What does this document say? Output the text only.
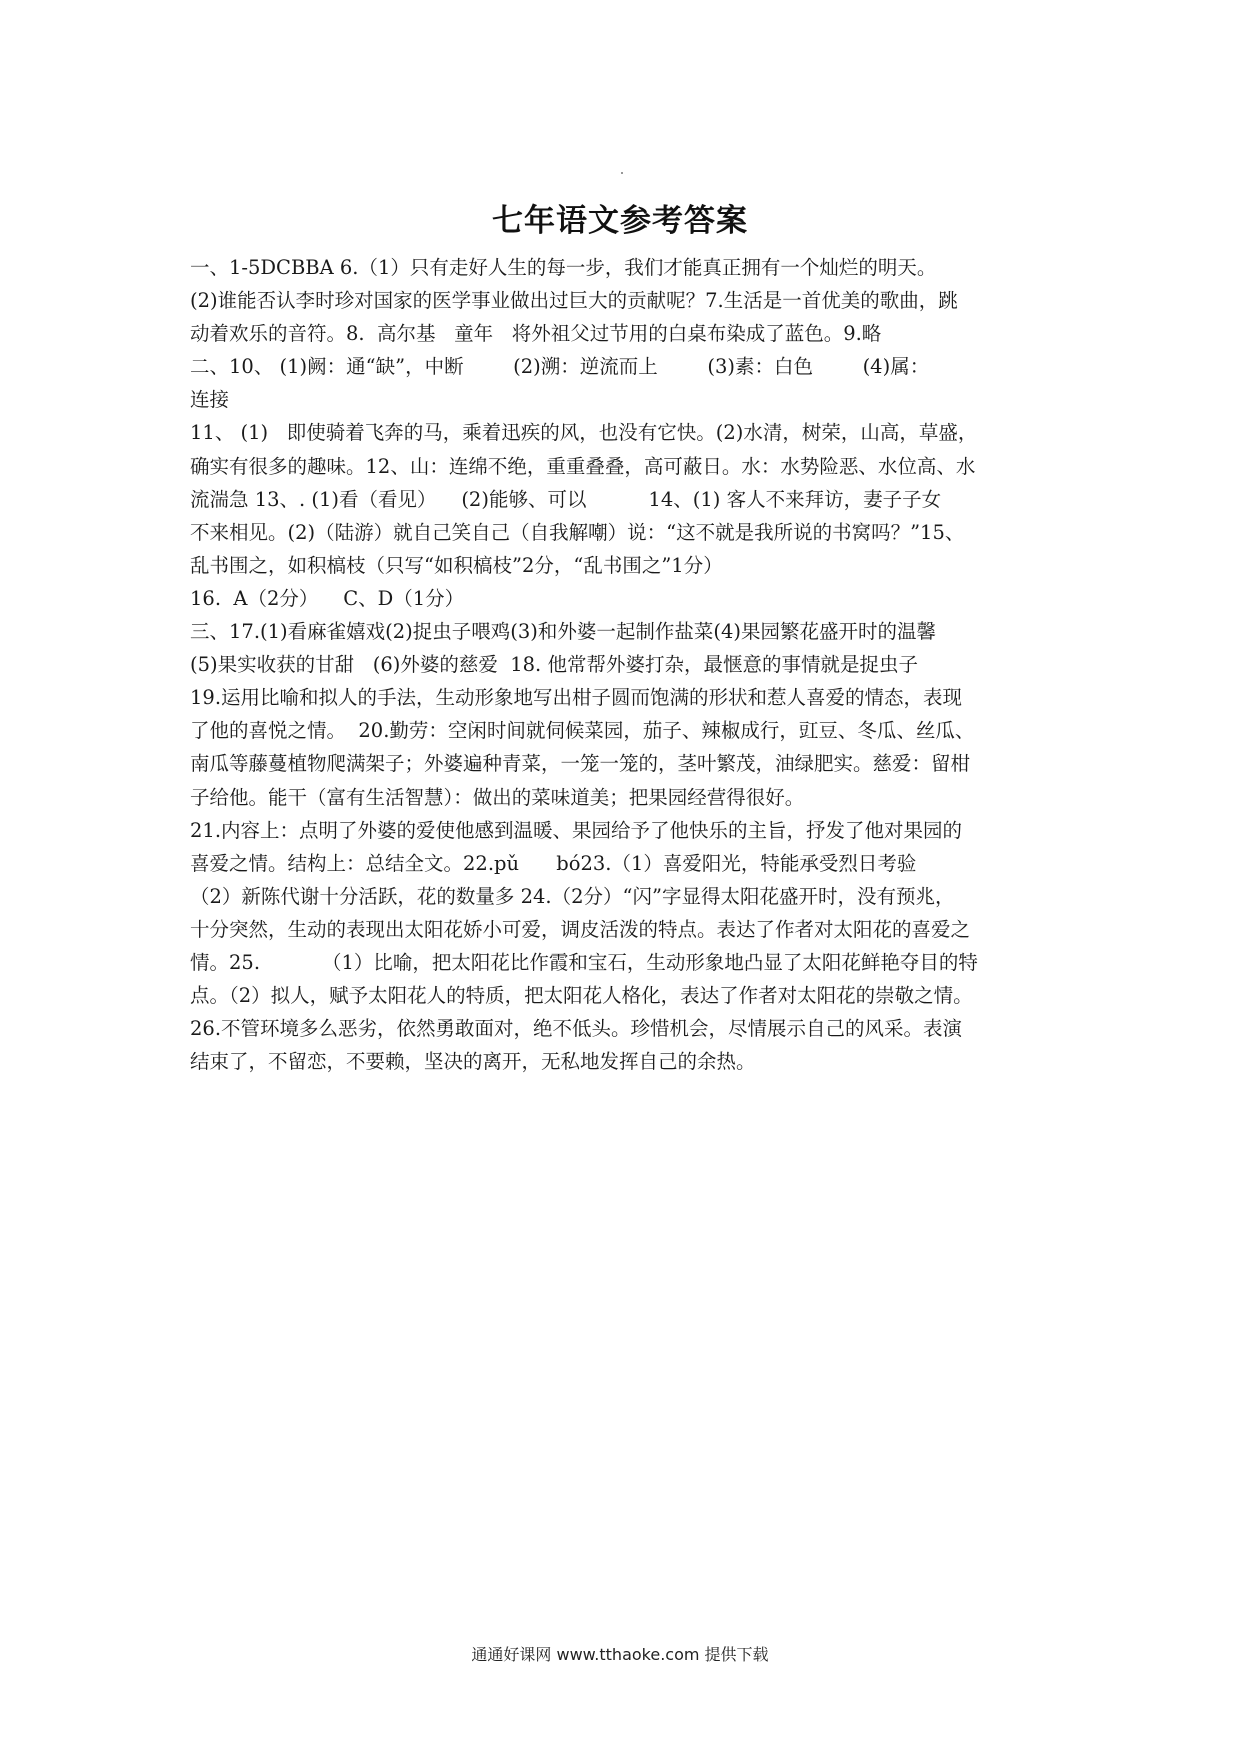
七年语文参考答案
一、1-5DCBBA 6.（1）只有走好人生的每一步，我们才能真正拥有一个灿烂的明天。
(2)谁能否认李时珍对国家的医学事业做出过巨大的贡献呢？7.生活是一首优美的歌曲，跳
动着欢乐的音符。8.  高尔基   童年   将外祖父过节用的白桌布染成了蓝色。9.略
二、10、 (1)阙：通“缺”，中断        (2)溯：逆流而上        (3)素：白色        (4)属：
连接
11、 (1)   即使骑着飞奔的马，乘着迅疾的风，也没有它快。(2)水清，树荣，山高，草盛，
确实有很多的趣味。12、山：连绵不绝，重重叠叠，高可蔽日。水：水势险恶、水位高、水
流湍急 13、. (1)看（看见）    (2)能够、可以          14、(1) 客人不来拜访，妻子子女
不来相见。(2)（陆游）就自己笑自己（自我解嘲）说：“这不就是我所说的书窝吗？”15、
乱书围之，如积槁枝（只写“如积槁枝”2分，“乱书围之”1分）
16.  A（2分）    C、D（1分）
三、17.(1)看麻雀嬉戏(2)捉虫子喂鸡(3)和外婆一起制作盐菜(4)果园繁花盛开时的温馨
(5)果实收获的甘甜   (6)外婆的慈爱  18. 他常帮外婆打杂，最惬意的事情就是捉虫子
19.运用比喻和拟人的手法，生动形象地写出柑子圆而饱满的形状和惹人喜爱的情态，表现
了他的喜悦之情。  20.勤劳：空闲时间就伺候菜园，茄子、辣椒成行，豇豆、冬瓜、丝瓜、
南瓜等藤蔓植物爬满架子；外婆遍种青菜，一笼一笼的，茎叶繁茂，油绿肥实。慈爱：留柑
子给他。能干（富有生活智慧）：做出的菜味道美；把果园经营得很好。
21.内容上：点明了外婆的爱使他感到温暖、果园给予了他快乐的主旨，抒发了他对果园的
喜爱之情。结构上：总结全文。22.pǔ      bó23.（1）喜爱阳光，特能承受烈日考验
（2）新陈代谢十分活跃，花的数量多 24.（2分）“闪”字显得太阳花盛开时，没有预兆，
十分突然，生动的表现出太阳花娇小可爱，调皮活泼的特点。表达了作者对太阳花的喜爱之
情。25.          （1）比喻，把太阳花比作霞和宝石，生动形象地凸显了太阳花鲜艳夺目的特
点。（2）拟人，赋予太阳花人的特质，把太阳花人格化，表达了作者对太阳花的崇敬之情。
26.不管环境多么恶劣，依然勇敢面对，绝不低头。珍惜机会，尽情展示自己的风采。表演
结束了，不留恋，不要赖，坚决的离开，无私地发挥自己的余热。
通通好课网 www.tthaoke.com 提供下载
